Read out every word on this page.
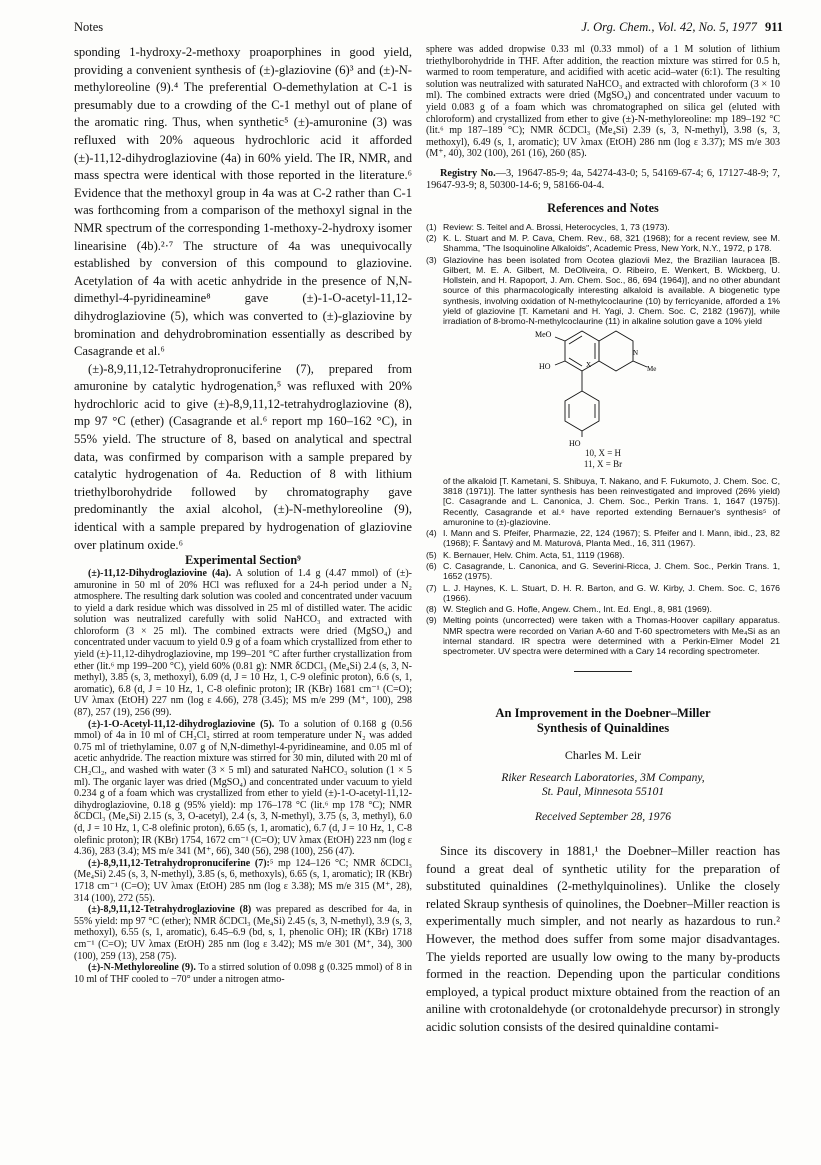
Notes	J. Org. Chem., Vol. 42, No. 5, 1977 911

sponding 1-hydroxy-2-methoxy proaporphines in good yield, providing a convenient synthesis of (±)-glaziovine (6)³ and (±)-N-methyloreoline (9).⁴ The preferential O-demethylation at C-1 is presumably due to a crowding of the C-1 methyl out of plane of the aromatic ring. Thus, when synthetic⁵ (±)-amuronine (3) was refluxed with 20% aqueous hydrochloric acid it afforded (±)-11,12-dihydroglaziovine (4a) in 60% yield. The IR, NMR, and mass spectra were identical with those reported in the literature.⁶ Evidence that the methoxyl group in 4a was at C-2 rather than C-1 was forthcoming from a comparison of the methoxyl signal in the NMR spectrum of the corresponding 1-methoxy-2-hydroxy isomer linearisine (4b).²·⁷ The structure of 4a was unequivocally established by conversion of this compound to glaziovine. Acetylation of 4a with acetic anhydride in the presence of N,N-dimethyl-4-pyridineamine⁸ gave (±)-1-O-acetyl-11,12-dihydroglaziovine (5), which was converted to (±)-glaziovine by bromination and dehydrobromination essentially as described by Casagrande et al.⁶

(±)-8,9,11,12-Tetrahydropronuciferine (7), prepared from amuronine by catalytic hydrogenation,⁵ was refluxed with 20% hydrochloric acid to give (±)-8,9,11,12-tetrahydroglaziovine (8), mp 97 °C (ether) (Casagrande et al.⁶ report mp 160–162 °C), in 55% yield. The structure of 8, based on analytical and spectral data, was confirmed by comparison with a sample prepared by catalytic hydrogenation of 4a. Reduction of 8 with lithium triethylborohydride followed by chromatography gave predominantly the axial alcohol, (±)-N-methyloreoline (9), identical with a sample prepared by hydrogenation of glaziovine over platinum oxide.⁶

Experimental Section⁹

(±)-11,12-Dihydroglaziovine (4a). A solution of 1.4 g (4.47 mmol) of (±)-amuronine in 50 ml of 20% HCl was refluxed for a 24-h period under a N₂ atmosphere. The resulting dark solution was cooled and concentrated under vacuum to yield a dark residue which was dissolved in 25 ml of distilled water. The acidic solution was neutralized carefully with solid NaHCO₃ and extracted with chloroform (3 × 25 ml). The combined extracts were dried (MgSO₄) and concentrated under vacuum to yield 0.9 g of a foam which crystallized from ether to yield (±)-11,12-dihydroglaziovine, mp 199–201 °C after further crystallization from ether (lit.⁶ mp 199–200 °C), yield 60% (0.81 g): NMR δCDCl₃ (Me₄Si) 2.4 (s, 3, N-methyl), 3.85 (s, 3, methoxyl), 6.09 (d, J = 10 Hz, 1, C-9 olefinic proton), 6.6 (s, 1, aromatic), 6.8 (d, J = 10 Hz, 1, C-8 olefinic proton); IR (KBr) 1681 cm⁻¹ (C=O); UV λmax (EtOH) 227 nm (log ε 4.66), 278 (3.45); MS m/e 299 (M⁺, 100), 298 (87), 257 (19), 256 (99).

(±)-1-O-Acetyl-11,12-dihydroglaziovine (5). To a solution of 0.168 g (0.56 mmol) of 4a in 10 ml of CH₂Cl₂ stirred at room temperature under N₂ was added 0.75 ml of triethylamine, 0.07 g of N,N-dimethyl-4-pyridineamine, and 0.05 ml of acetic anhydride. The reaction mixture was stirred for 30 min, diluted with 20 ml of CH₂Cl₂, and washed with water (3 × 5 ml) and saturated NaHCO₃ solution (1 × 5 ml). The organic layer was dried (MgSO₄) and concentrated under vacuum to yield 0.234 g of a foam which was crystallized from ether to yield (±)-1-O-acetyl-11,12-dihydroglaziovine, 0.18 g (95% yield): mp 176–178 °C (lit.⁶ mp 178 °C); NMR δCDCl₃ (Me₄Si) 2.15 (s, 3, O-acetyl), 2.4 (s, 3, N-methyl), 3.75 (s, 3, methyl), 6.0 (d, J = 10 Hz, 1, C-8 olefinic proton), 6.65 (s, 1, aromatic), 6.7 (d, J = 10 Hz, 1, C-8 olefinic proton); IR (KBr) 1754, 1672 cm⁻¹ (C=O); UV λmax (EtOH) 223 nm (log ε 4.36), 283 (3.4); MS m/e 341 (M⁺, 66), 340 (56), 298 (100), 256 (47).

(±)-8,9,11,12-Tetrahydropronuciferine (7):⁵ mp 124–126 °C; NMR δCDCl₃ (Me₄Si) 2.45 (s, 3, N-methyl), 3.85 (s, 6, methoxyls), 6.65 (s, 1, aromatic); IR (KBr) 1718 cm⁻¹ (C=O); UV λmax (EtOH) 285 nm (log ε 3.38); MS m/e 315 (M⁺, 28), 314 (100), 272 (55).

(±)-8,9,11,12-Tetrahydroglaziovine (8) was prepared as described for 4a, in 55% yield: mp 97 °C (ether); NMR δCDCl₃ (Me₄Si) 2.45 (s, 3, N-methyl), 3.9 (s, 3, methoxyl), 6.55 (s, 1, aromatic), 6.45–6.9 (bd, s, 1, phenolic OH); IR (KBr) 1718 cm⁻¹ (C=O); UV λmax (EtOH) 285 nm (log ε 3.42); MS m/e 301 (M⁺, 34), 300 (100), 259 (13), 258 (75).

(±)-N-Methyloreoline (9). To a stirred solution of 0.098 g (0.325 mmol) of 8 in 10 ml of THF cooled to −70° under a nitrogen atmo-

sphere was added dropwise 0.33 ml (0.33 mmol) of a 1 M solution of lithium triethylborohydride in THF. After addition, the reaction mixture was stirred for 0.5 h, warmed to room temperature, and acidified with acetic acid–water (6:1). The resulting solution was neutralized with saturated NaHCO₃ and extracted with chloroform (3 × 10 ml). The combined extracts were dried (MgSO₄) and concentrated under vacuum to yield 0.083 g of a foam which was chromatographed on silica gel (eluted with chloroform) and crystallized from ether to give (±)-N-methyloreoline: mp 189–192 °C (lit.⁶ mp 187–189 °C); NMR δCDCl₃ (Me₄Si) 2.39 (s, 3, N-methyl), 3.98 (s, 3, methoxyl), 6.49 (s, 1, aromatic); UV λmax (EtOH) 286 nm (log ε 3.37); MS m/e 303 (M⁺, 40), 302 (100), 261 (16), 260 (85).

Registry No.—3, 19647-85-9; 4a, 54274-43-0; 5, 54169-67-4; 6, 17127-48-9; 7, 19647-93-9; 8, 50300-14-6; 9, 58166-04-4.

References and Notes
(1) Review: S. Teitel and A. Brossi, Heterocycles, 1, 73 (1973).
(2) K. L. Stuart and M. P. Cava, Chem. Rev., 68, 321 (1968); for a recent review, see M. Shamma, "The Isoquinoline Alkaloids", Academic Press, New York, N.Y., 1972, p 178.
(3) Glaziovine has been isolated from Ocotea glaziovii Mez, the Brazilian lauracea [B. Gilbert, M. E. A. Gilbert, M. DeOliveira, O. Ribeiro, E. Wenkert, B. Wickberg, U. Hollstein, and H. Rapoport, J. Am. Chem. Soc., 86, 694 (1964)], and no other abundant source of this pharmacologically interesting alkaloid is available. A biogenetic type synthesis, involving oxidation of N-methylcoclaurine (10) by ferricyanide, afforded a 1% yield of glaziovine [T. Kametani and H. Yagi, J. Chem. Soc. C, 2182 (1967)], while irradiation of 8-bromo-N-methylcoclaurine (11) in alkaline solution gave a 10% yield
MeO
HO	X
N
Me
HO
10, X = H
11, X = Br
of the alkaloid [T. Kametani, S. Shibuya, T. Nakano, and F. Fukumoto, J. Chem. Soc. C, 3818 (1971)]. The latter synthesis has been reinvestigated and improved (26% yield) [C. Casagrande and L. Canonica, J. Chem. Soc., Perkin Trans. 1, 1647 (1975)]. Recently, Casagrande et al.⁶ have reported extending Bernauer's synthesis⁵ of amuronine to (±)-glaziovine.
(4) I. Mann and S. Pfeifer, Pharmazie, 22, 124 (1967); S. Pfeifer and I. Mann, ibid., 23, 82 (1968); F. Šantavý and M. Maturová, Planta Med., 16, 311 (1967).
(5) K. Bernauer, Helv. Chim. Acta, 51, 1119 (1968).
(6) C. Casagrande, L. Canonica, and G. Severini-Ricca, J. Chem. Soc., Perkin Trans. 1, 1652 (1975).
(7) L. J. Haynes, K. L. Stuart, D. H. R. Barton, and G. W. Kirby, J. Chem. Soc. C, 1676 (1966).
(8) W. Steglich and G. Hofle, Angew. Chem., Int. Ed. Engl., 8, 981 (1969).
(9) Melting points (uncorrected) were taken with a Thomas-Hoover capillary apparatus. NMR spectra were recorded on Varian A-60 and T-60 spectrometers with Me₄Si as an internal standard. IR spectra were determined with a Perkin-Elmer Model 21 spectrometer. UV spectra were determined with a Cary 14 recording spectrometer.
An Improvement in the Doebner–Miller
Synthesis of Quinaldines
Charles M. Leir
Riker Research Laboratories, 3M Company,
St. Paul, Minnesota 55101
Received September 28, 1976

Since its discovery in 1881,¹ the Doebner–Miller reaction has found a great deal of synthetic utility for the preparation of substituted quinaldines (2-methylquinolines). Unlike the closely related Skraup synthesis of quinolines, the Doebner–Miller reaction is experimentally much simpler, and not nearly as hazardous to run.² However, the method does suffer from some major disadvantages. The yields reported are usually low owing to the many by-products formed in the reaction. Depending upon the particular conditions employed, a typical product mixture obtained from the reaction of an aniline with crotonaldehyde (or crotonaldehyde precursor) in strongly acidic solution consists of the desired quinaldine contami-
